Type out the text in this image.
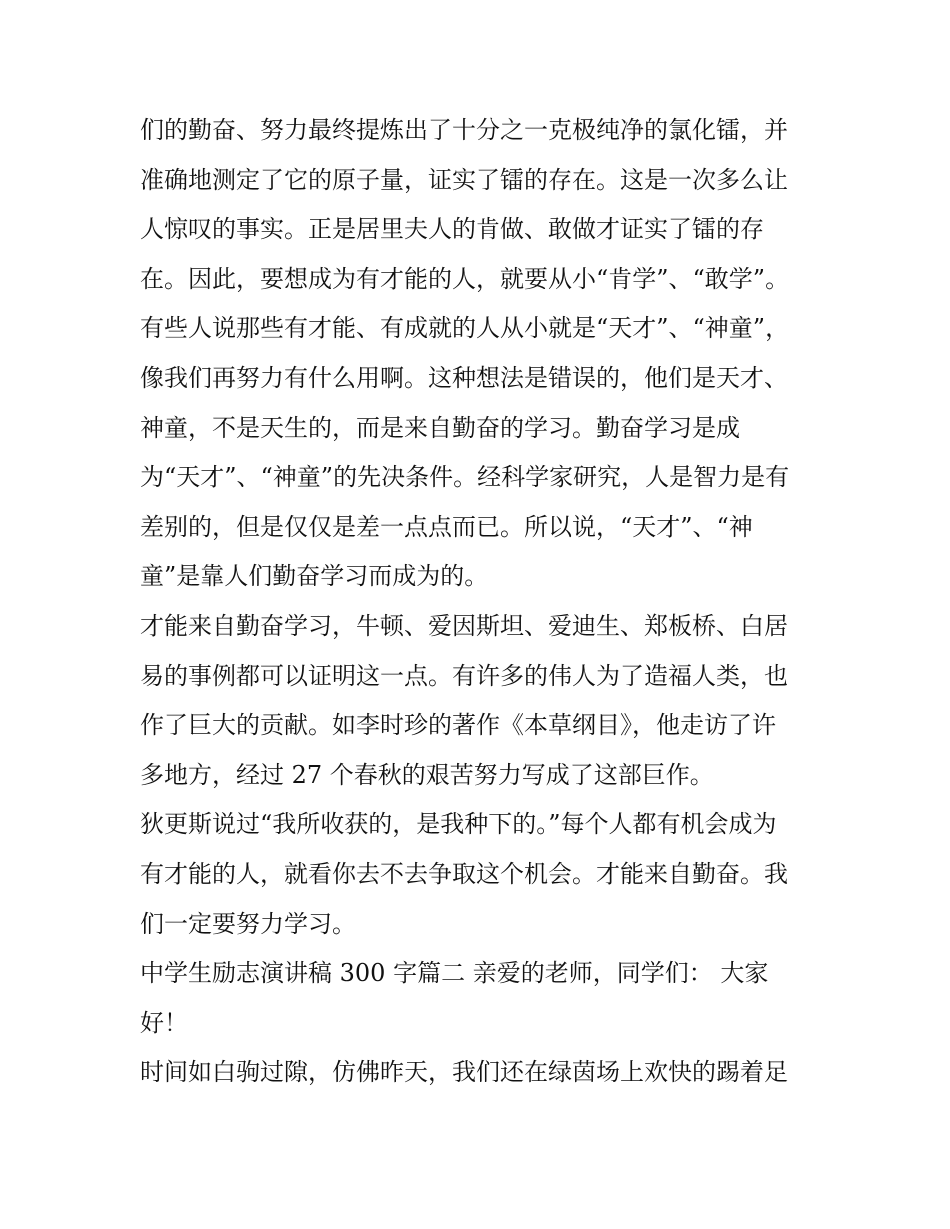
们的勤奋、努力最终提炼出了十分之一克极纯净的氯化镭，并
准确地测定了它的原子量，证实了镭的存在。这是一次多么让
人惊叹的事实。正是居里夫人的肯做、敢做才证实了镭的存
在。因此，要想成为有才能的人，就要从小“肯学”、“敢学”。
有些人说那些有才能、有成就的人从小就是“天才”、“神童”，
像我们再努力有什么用啊。这种想法是错误的，他们是天才、
神童，不是天生的，而是来自勤奋的学习。勤奋学习是成
为“天才”、“神童”的先决条件。经科学家研究，人是智力是有
差别的，但是仅仅是差一点点而已。所以说，“天才”、“神
童”是靠人们勤奋学习而成为的。
才能来自勤奋学习，牛顿、爱因斯坦、爱迪生、郑板桥、白居
易的事例都可以证明这一点。有许多的伟人为了造福人类，也
作了巨大的贡献。如李时珍的著作《本草纲目》，他走访了许
多地方，经过 27 个春秋的艰苦努力写成了这部巨作。
狄更斯说过“我所收获的，是我种下的。”每个人都有机会成为
有才能的人，就看你去不去争取这个机会。才能来自勤奋。我
们一定要努力学习。
中学生励志演讲稿 300 字篇二 亲爱的老师，同学们： 大家
好！
时间如白驹过隙，仿佛昨天，我们还在绿茵场上欢快的踢着足
